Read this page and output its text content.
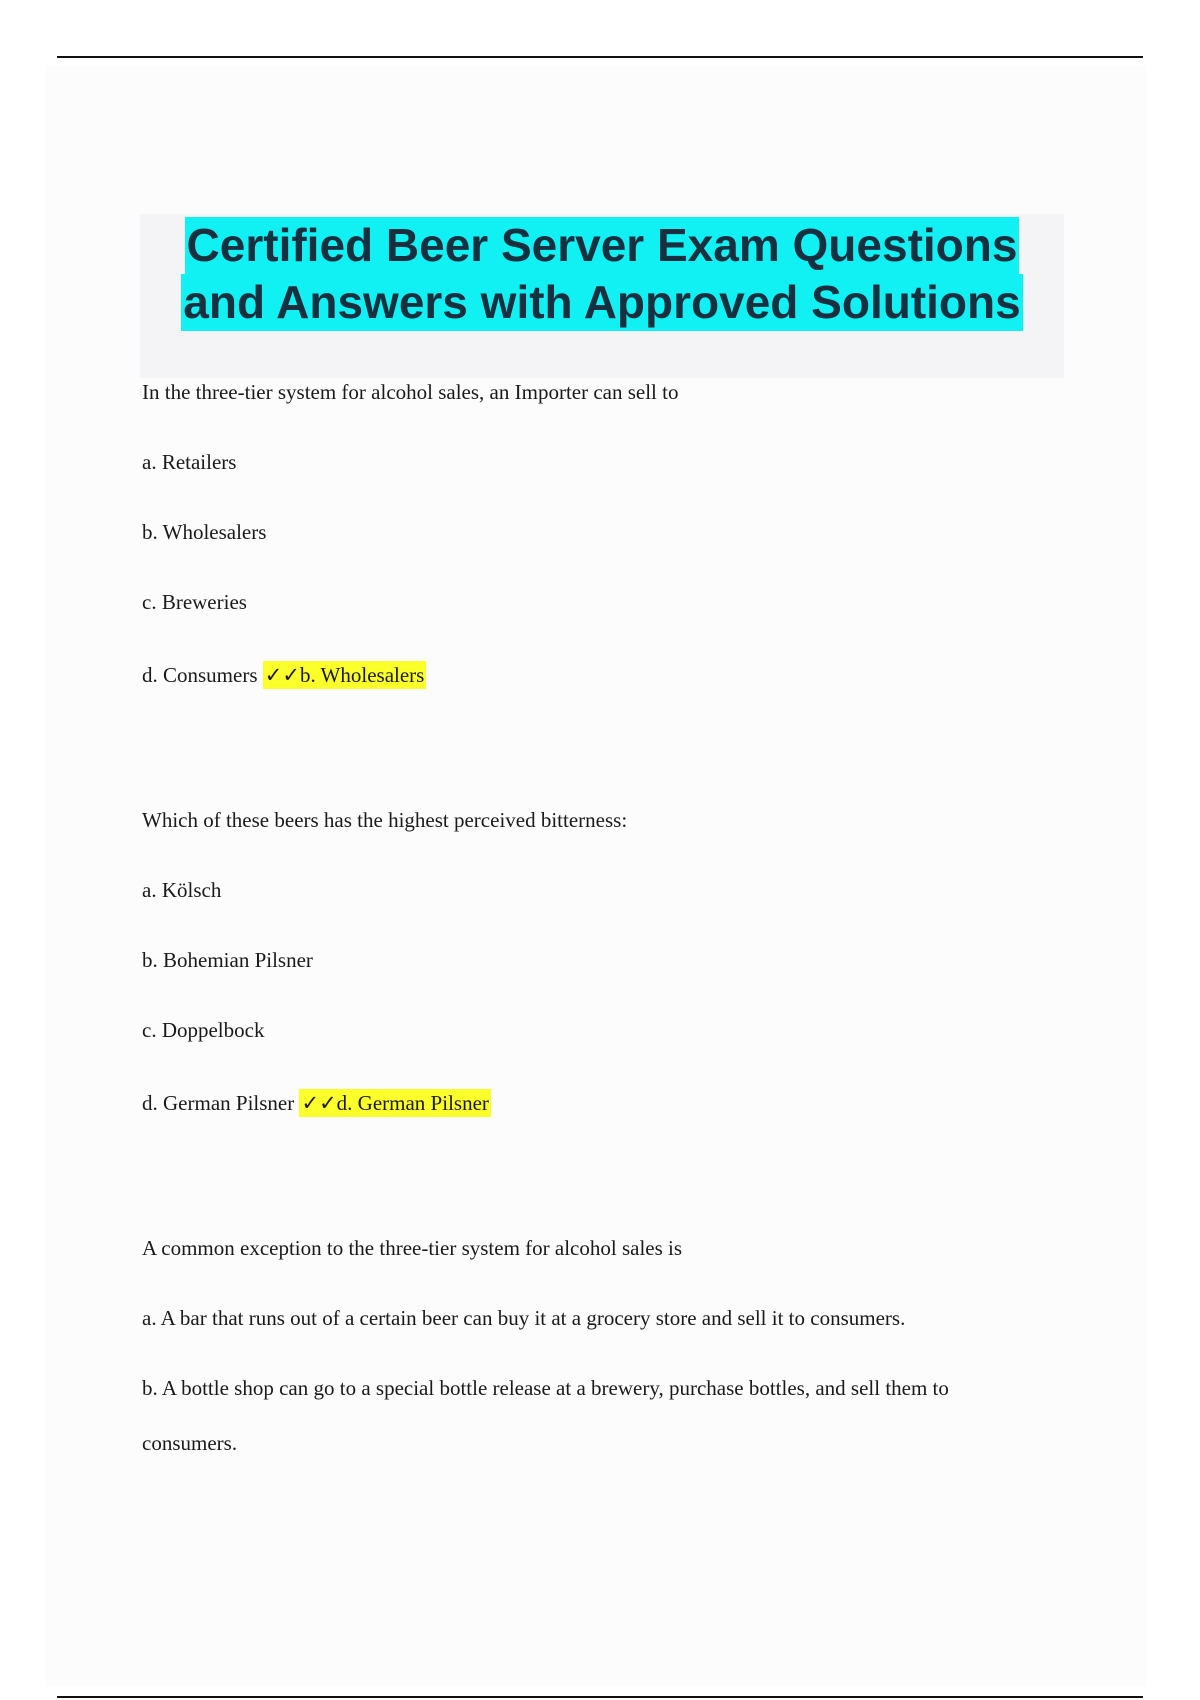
Certified Beer Server Exam Questions
and Answers with Approved Solutions
In the three-tier system for alcohol sales, an Importer can sell to
a. Retailers
b. Wholesalers
c. Breweries
d. Consumers ✓✓b. Wholesalers
Which of these beers has the highest perceived bitterness:
a. Kölsch
b. Bohemian Pilsner
c. Doppelbock
d. German Pilsner ✓✓d. German Pilsner
A common exception to the three-tier system for alcohol sales is
a. A bar that runs out of a certain beer can buy it at a grocery store and sell it to consumers.
b. A bottle shop can go to a special bottle release at a brewery, purchase bottles, and sell them to
consumers.
